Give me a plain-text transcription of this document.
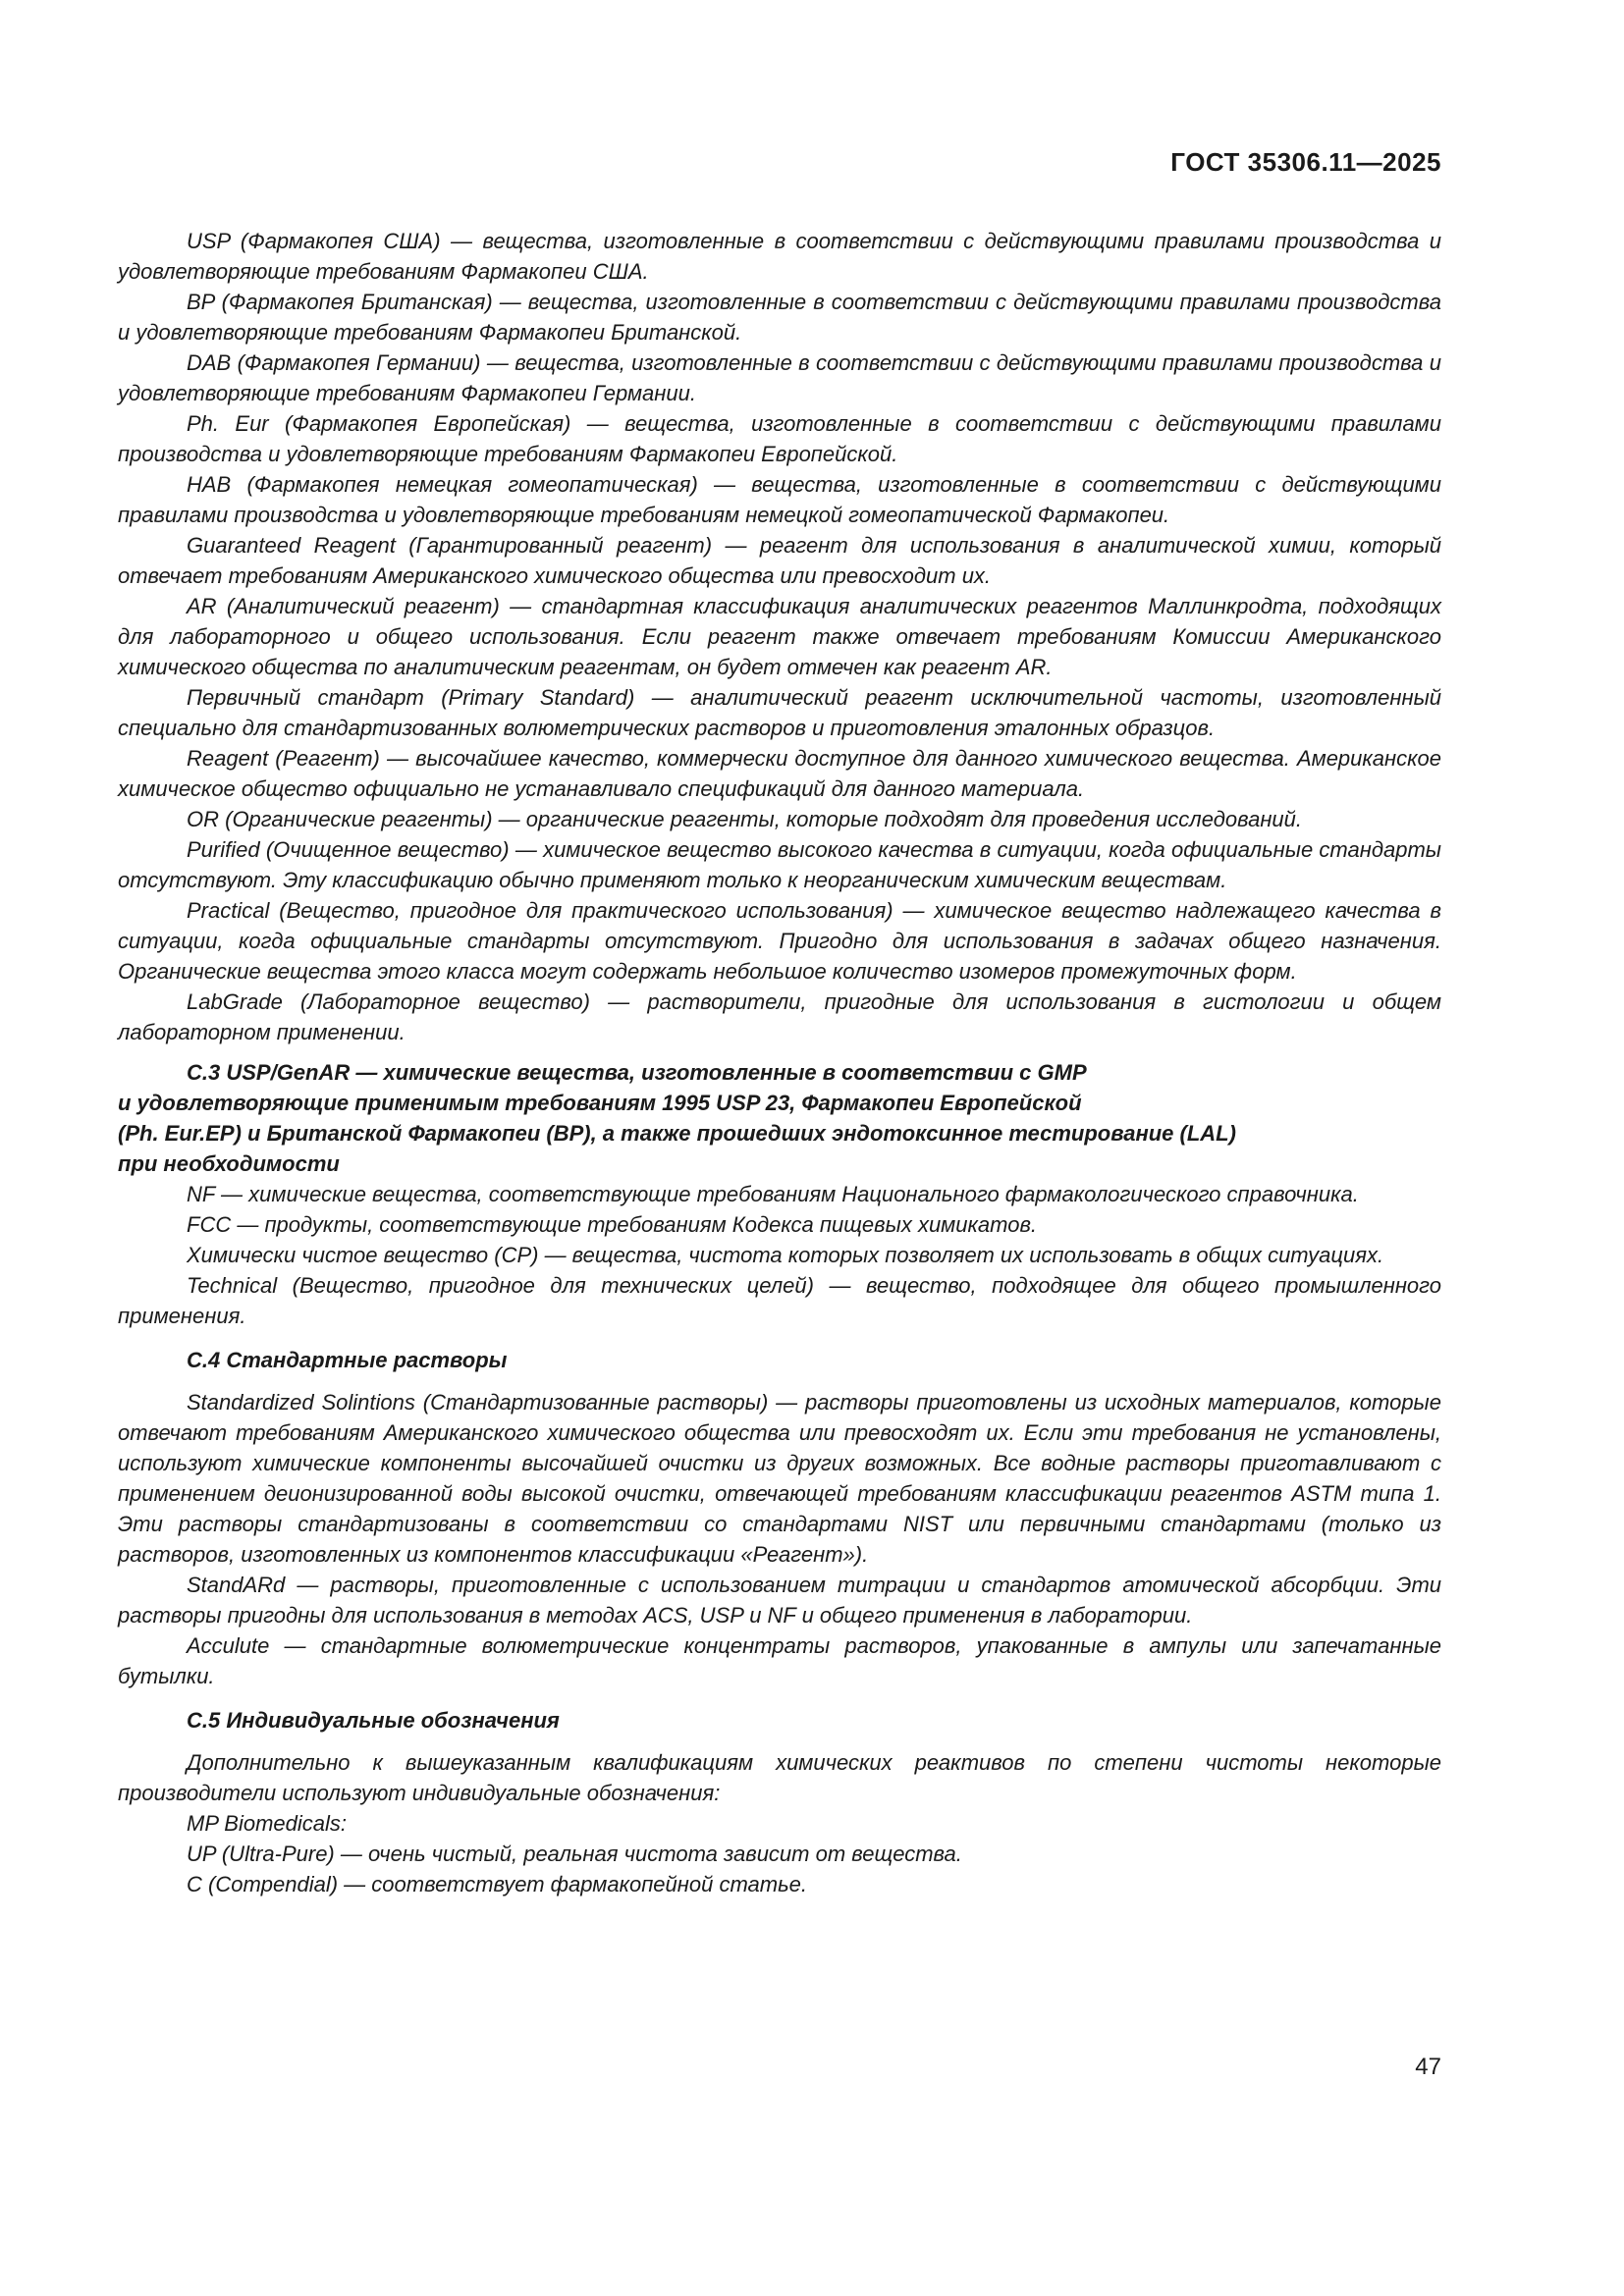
ГОСТ 35306.11—2025

USP (Фармакопея США) — вещества, изготовленные в соответствии с действующими правилами производства и удовлетворяющие требованиям Фармакопеи США.

BP (Фармакопея Британская) — вещества, изготовленные в соответствии с действующими правилами производства и удовлетворяющие требованиям Фармакопеи Британской.

DAB (Фармакопея Германии) — вещества, изготовленные в соответствии с действующими правилами производства и удовлетворяющие требованиям Фармакопеи Германии.

Ph. Eur (Фармакопея Европейская) — вещества, изготовленные в соответствии с действующими правилами производства и удовлетворяющие требованиям Фармакопеи Европейской.

HAB (Фармакопея немецкая гомеопатическая) — вещества, изготовленные в соответствии с действующими правилами производства и удовлетворяющие требованиям немецкой гомеопатической Фармакопеи.

Guaranteed Reagent (Гарантированный реагент) — реагент для использования в аналитической химии, который отвечает требованиям Американского химического общества или превосходит их.

AR (Аналитический реагент) — стандартная классификация аналитических реагентов Маллинкродта, подходящих для лабораторного и общего использования. Если реагент также отвечает требованиям Комиссии Американского химического общества по аналитическим реагентам, он будет отмечен как реагент AR.

Первичный стандарт (Primary Standard) — аналитический реагент исключительной частоты, изготовленный специально для стандартизованных волюметрических растворов и приготовления эталонных образцов.

Reagent (Реагент) — высочайшее качество, коммерчески доступное для данного химического вещества. Американское химическое общество официально не устанавливало спецификаций для данного материала.

OR (Органические реагенты) — органические реагенты, которые подходят для проведения исследований.

Purified (Очищенное вещество) — химическое вещество высокого качества в ситуации, когда официальные стандарты отсутствуют. Эту классификацию обычно применяют только к неорганическим химическим веществам.

Practical (Вещество, пригодное для практического использования) — химическое вещество надлежащего качества в ситуации, когда официальные стандарты отсутствуют. Пригодно для использования в задачах общего назначения. Органические вещества этого класса могут содержать небольшое количество изомеров промежуточных форм.

LabGrade (Лабораторное вещество) — растворители, пригодные для использования в гистологии и общем лабораторном применении.

C.3 USP/GenAR — химические вещества, изготовленные в соответствии с GMP
и удовлетворяющие применимым требованиям 1995 USP 23, Фармакопеи Европейской
(Ph. Eur.EP) и Британской Фармакопеи (BP), а также прошедших эндотоксинное тестирование (LAL)
при необходимости

NF — химические вещества, соответствующие требованиям Национального фармакологического справочника.

FCC — продукты, соответствующие требованиям Кодекса пищевых химикатов.

Химически чистое вещество (CP) — вещества, чистота которых позволяет их использовать в общих ситуациях.

Technical (Вещество, пригодное для технических целей) — вещество, подходящее для общего промышленного применения.

C.4 Стандартные растворы

Standardized Solintions (Стандартизованные растворы) — растворы приготовлены из исходных материалов, которые отвечают требованиям Американского химического общества или превосходят их. Если эти требования не установлены, используют химические компоненты высочайшей очистки из других возможных. Все водные растворы приготавливают с применением деионизированной воды высокой очистки, отвечающей требованиям классификации реагентов ASTM типа 1. Эти растворы стандартизованы в соответствии со стандартами NIST или первичными стандартами (только из растворов, изготовленных из компонентов классификации «Реагент»).

StandARd — растворы, приготовленные с использованием титрации и стандартов атомической абсорбции. Эти растворы пригодны для использования в методах ACS, USP и NF и общего применения в лаборатории.

Acculute — стандартные волюметрические концентраты растворов, упакованные в ампулы или запечатанные бутылки.

C.5 Индивидуальные обозначения

Дополнительно к вышеуказанным квалификациям химических реактивов по степени чистоты некоторые производители используют индивидуальные обозначения:

MP Biomedicals:

UP (Ultra-Pure) — очень чистый, реальная чистота зависит от вещества.

C (Compendial) — соответствует фармакопейной статье.

47
